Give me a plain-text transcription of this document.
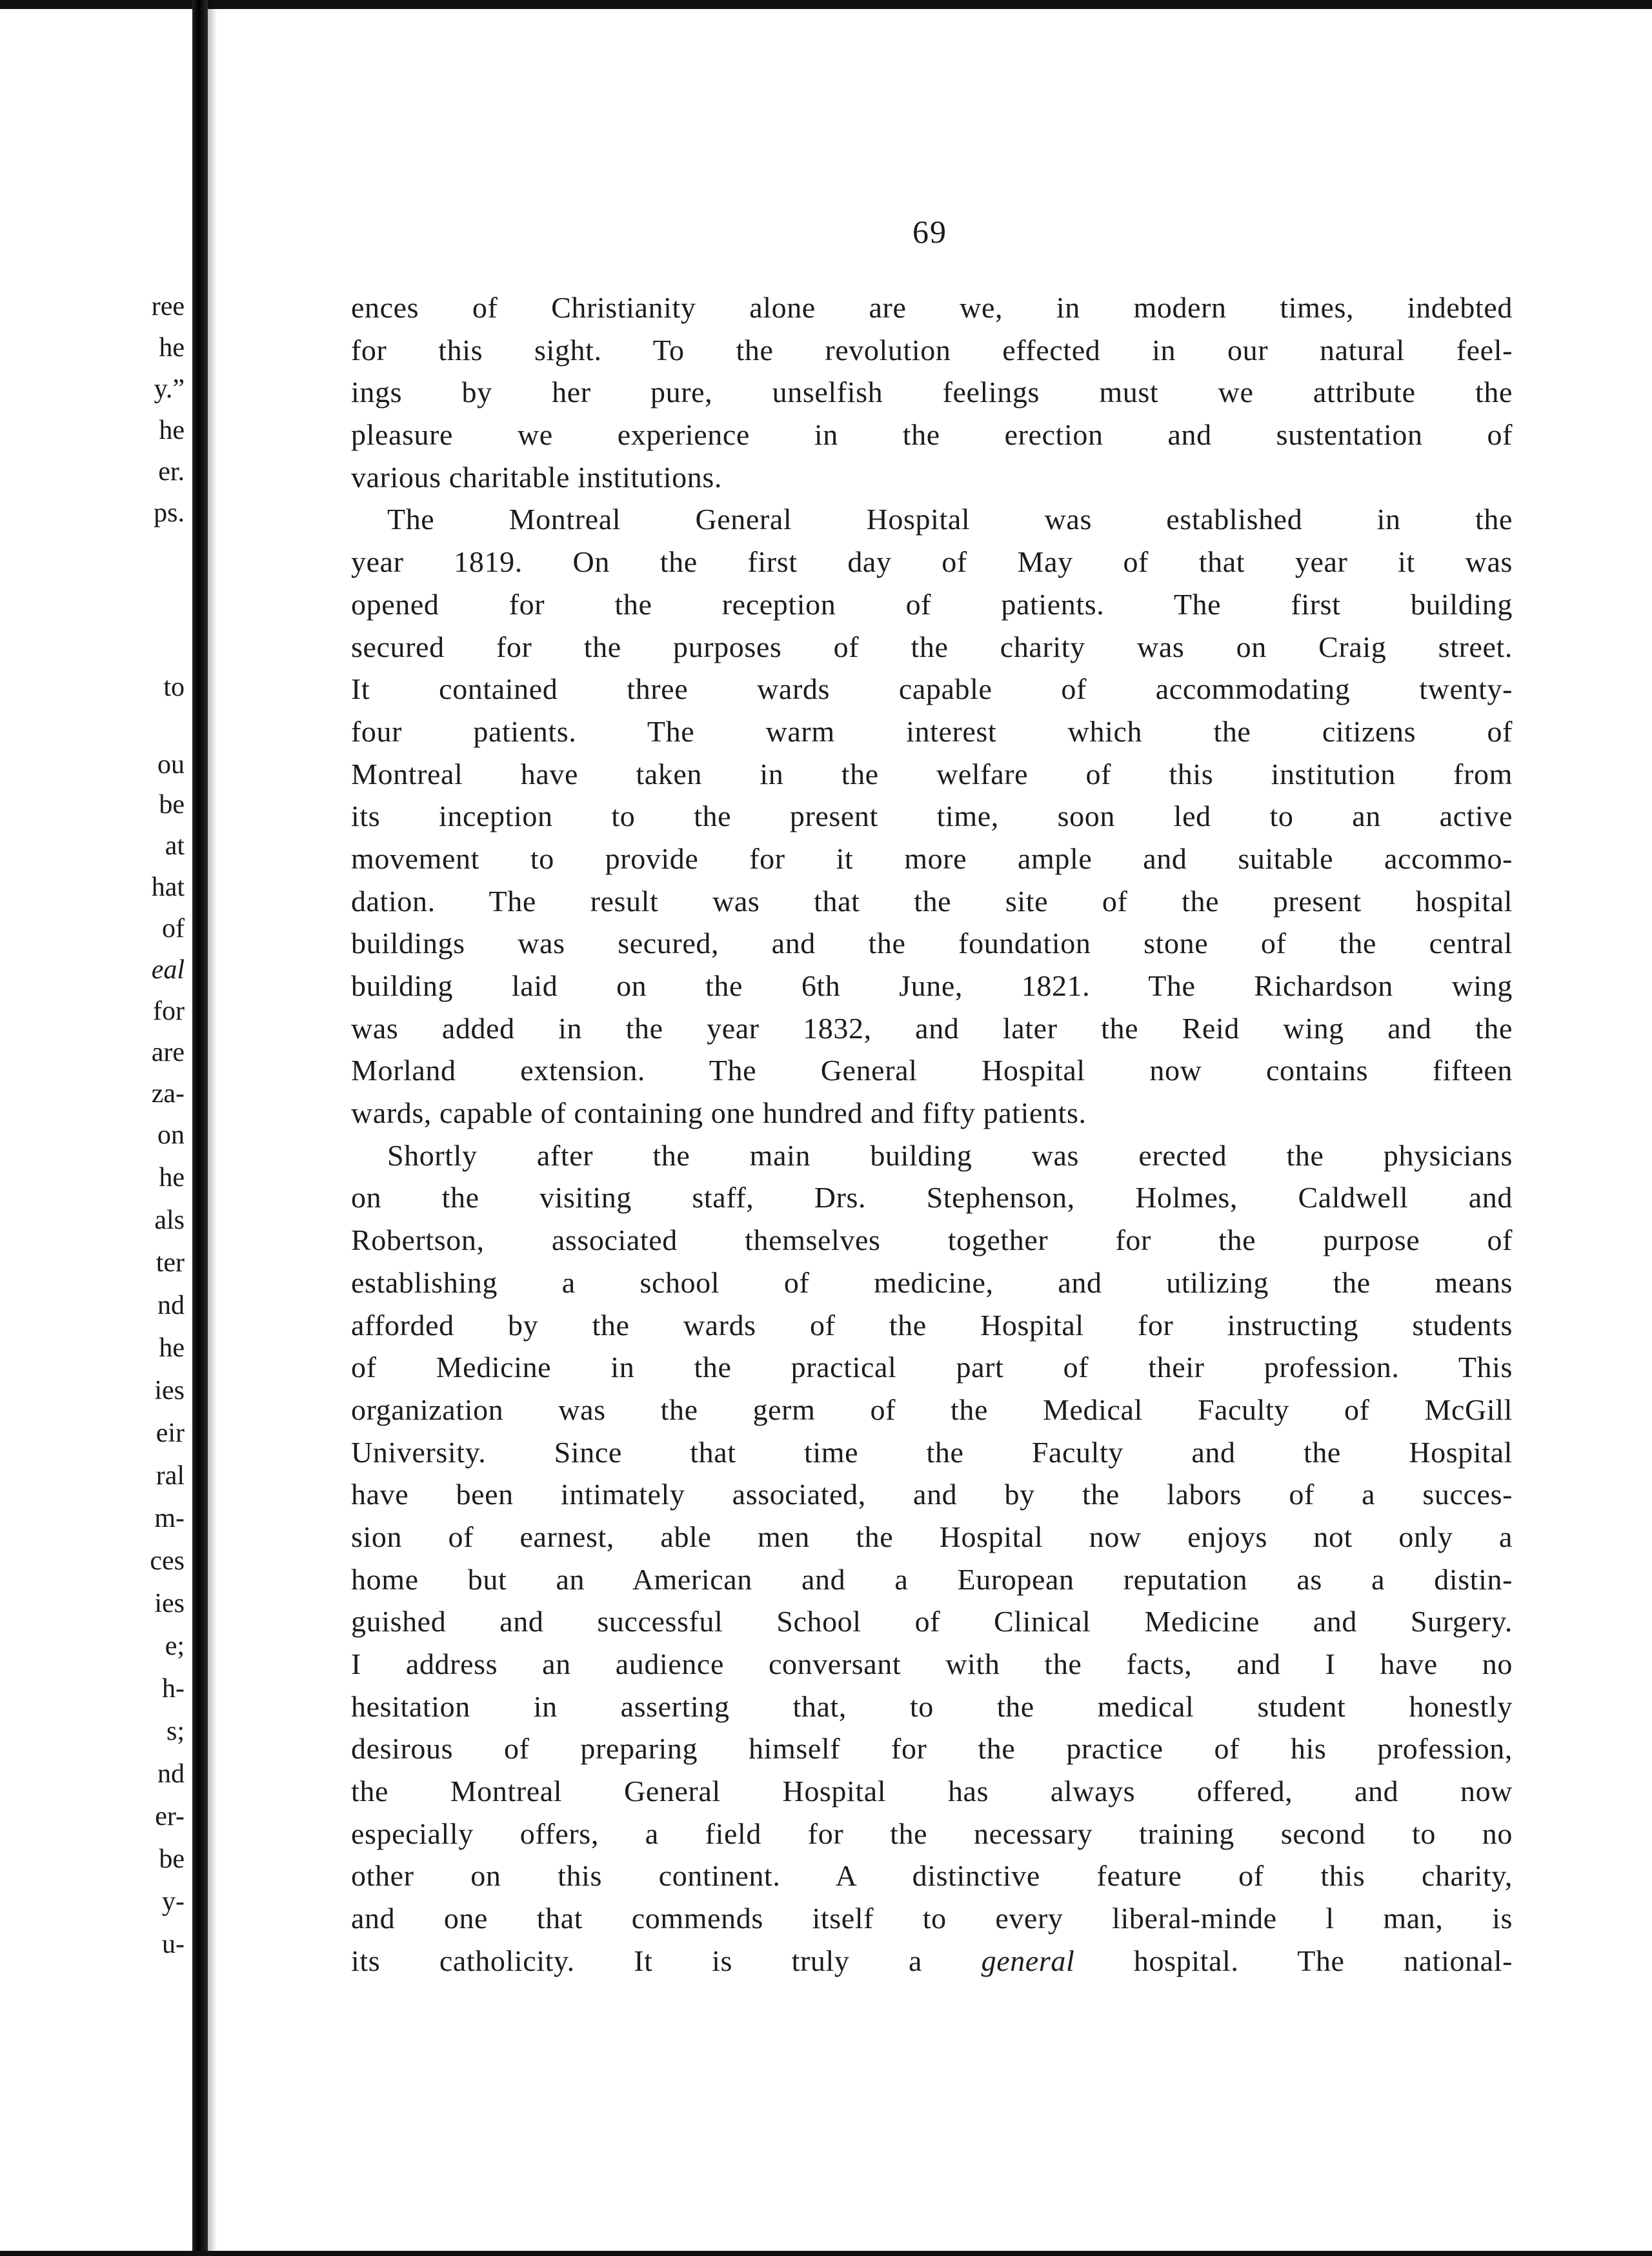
ree
he
y.”
he
er.
ps.
to
ou
be
at
hat
of
eal
for
are
za-
on
he
als
ter
nd
he
ies
eir
ral
m-
ces
ies
e;
h-
s;
nd
er-
be
y-
u-
69
ences of Christianity alone are we, in modern times, indebted
for this sight. To the revolution effected in our natural feel-
ings by her pure, unselfish feelings must we attribute the
pleasure we experience in the erection and sustentation of
various charitable institutions.
The Montreal General Hospital was established in the
year 1819. On the first day of May of that year it was
opened for the reception of patients. The first building
secured for the purposes of the charity was on Craig street.
It contained three wards capable of accommodating twenty-
four patients. The warm interest which the citizens of
Montreal have taken in the welfare of this institution from
its inception to the present time, soon led to an active
movement to provide for it more ample and suitable accommo-
dation. The result was that the site of the present hospital
buildings was secured, and the foundation stone of the central
building laid on the 6th June, 1821. The Richardson wing
was added in the year 1832, and later the Reid wing and the
Morland extension. The General Hospital now contains fifteen
wards, capable of containing one hundred and fifty patients.
Shortly after the main building was erected the physicians
on the visiting staff, Drs. Stephenson, Holmes, Caldwell and
Robertson, associated themselves together for the purpose of
establishing a school of medicine, and utilizing the means
afforded by the wards of the Hospital for instructing students
of Medicine in the practical part of their profession. This
organization was the germ of the Medical Faculty of McGill
University. Since that time the Faculty and the Hospital
have been intimately associated, and by the labors of a succes-
sion of earnest, able men the Hospital now enjoys not only a
home but an American and a European reputation as a distin-
guished and successful School of Clinical Medicine and Surgery.
I address an audience conversant with the facts, and I have no
hesitation in asserting that, to the medical student honestly
desirous of preparing himself for the practice of his profession,
the Montreal General Hospital has always offered, and now
especially offers, a field for the necessary training second to no
other on this continent. A distinctive feature of this charity,
and one that commends itself to every liberal-minde l man, is
its catholicity. It is truly a general hospital. The national-
